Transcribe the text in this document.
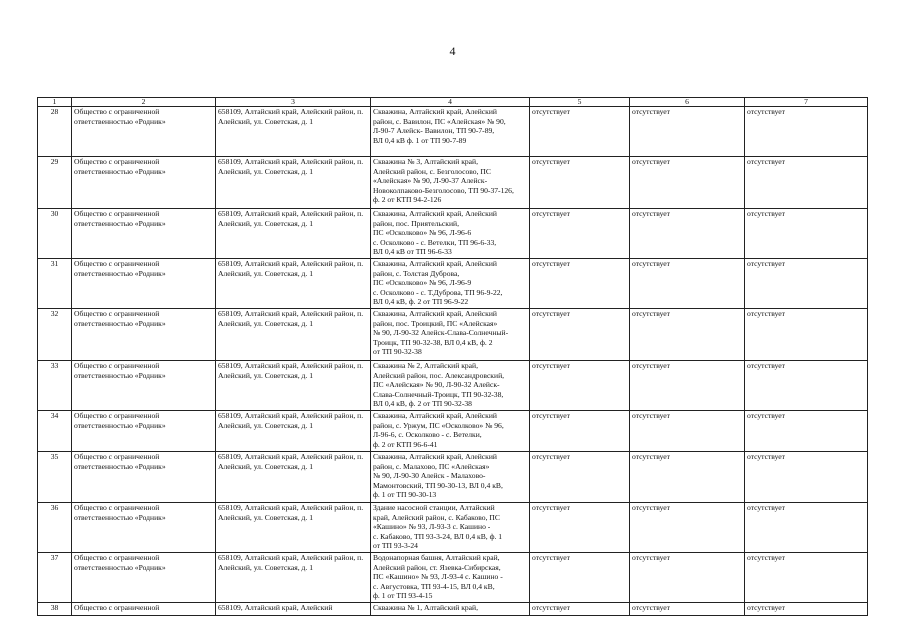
4
1	2	3	4	5	6	7
28	Общество с ограниченной ответственностью «Родник»	658109, Алтайский край, Алейский район, п. Алейский, ул. Советская, д. 1	Скважина, Алтайский край, Алейский
район, с. Вавилон, ПС «Алейская» № 90,
Л-90-7 Алейск- Вавилон, ТП 90-7-89,
ВЛ 0,4 кВ ф. 1 от ТП 90-7-89	отсутствует	отсутствует	отсутствует
29	Общество с ограниченной ответственностью «Родник»	658109, Алтайский край, Алейский район, п. Алейский, ул. Советская, д. 1	Скважина № 3, Алтайский край,
Алейский район, с. Безголосово, ПС
«Алейская» № 90, Л-90-37 Алейск-
Новоколпаково-Безголосово, ТП 90-37-126,
ф. 2 от КТП 94-2-126	отсутствует	отсутствует	отсутствует
30	Общество с ограниченной ответственностью «Родник»	658109, Алтайский край, Алейский район, п. Алейский, ул. Советская, д. 1	Скважина, Алтайский край, Алейский
район, пос. Приятельский,
ПС «Осколково» № 96, Л-96-6
с. Осколково - с. Ветелки, ТП 96-6-33,
ВЛ 0,4 кВ от ТП 96-6-33	отсутствует	отсутствует	отсутствует
31	Общество с ограниченной ответственностью «Родник»	658109, Алтайский край, Алейский район, п. Алейский, ул. Советская, д. 1	Скважина, Алтайский край, Алейский
район, с. Толстая Дуброва,
ПС «Осколково» № 96, Л-96-9
с. Осколково - с. Т.Дуброва, ТП 96-9-22,
ВЛ 0,4 кВ, ф. 2 от ТП 96-9-22	отсутствует	отсутствует	отсутствует
32	Общество с ограниченной ответственностью «Родник»	658109, Алтайский край, Алейский район, п. Алейский, ул. Советская, д. 1	Скважина, Алтайский край, Алейский
район, пос. Троицкий, ПС «Алейская»
№ 90, Л-90-32 Алейск-Слава-Солнечный-
Троицк, ТП 90-32-38, ВЛ 0,4 кВ, ф. 2
от ТП 90-32-38	отсутствует	отсутствует	отсутствует
33	Общество с ограниченной ответственностью «Родник»	658109, Алтайский край, Алейский район, п. Алейский, ул. Советская, д. 1	Скважина № 2, Алтайский край,
Алейский район, пос. Александровский,
ПС «Алейская» № 90, Л-90-32 Алейск-
Слава-Солнечный-Троицк, ТП 90-32-38,
ВЛ 0,4 кВ, ф. 2 от ТП 90-32-38	отсутствует	отсутствует	отсутствует
34	Общество с ограниченной ответственностью «Родник»	658109, Алтайский край, Алейский район, п. Алейский, ул. Советская, д. 1	Скважина, Алтайский край, Алейский
район, с. Уржум, ПС «Осколково» № 96,
Л-96-6, с. Осколково - с. Ветелки,
ф. 2 от КТП 96-6-41	отсутствует	отсутствует	отсутствует
35	Общество с ограниченной ответственностью «Родник»	658109, Алтайский край, Алейский район, п. Алейский, ул. Советская, д. 1	Скважина, Алтайский край, Алейский
район, с. Малахово, ПС «Алейская»
№ 90, Л-90-30 Алейск - Малахово-
Мамонтовский, ТП 90-30-13, ВЛ 0,4 кВ,
ф. 1 от ТП 90-30-13	отсутствует	отсутствует	отсутствует
36	Общество с ограниченной ответственностью «Родник»	658109, Алтайский край, Алейский район, п. Алейский, ул. Советская, д. 1	Здание насосной станции, Алтайский
край, Алейский район, с. Кабаково, ПС
«Кашино» № 93, Л-93-3 с. Кашино -
с. Кабаково, ТП 93-3-24, ВЛ 0,4 кВ, ф. 1
от ТП 93-3-24	отсутствует	отсутствует	отсутствует
37	Общество с ограниченной ответственностью «Родник»	658109, Алтайский край, Алейский район, п. Алейский, ул. Советская, д. 1	Водонапорная башня, Алтайский край,
Алейский район, ст. Язевка-Сибирская,
ПС «Кашино» № 93, Л-93-4 с. Кашино -
с. Августовка, ТП 93-4-15, ВЛ 0,4 кВ,
ф. 1 от ТП 93-4-15	отсутствует	отсутствует	отсутствует
38	Общество с ограниченной	658109, Алтайский край, Алейский	Скважина № 1, Алтайский край,	отсутствует	отсутствует	отсутствует
